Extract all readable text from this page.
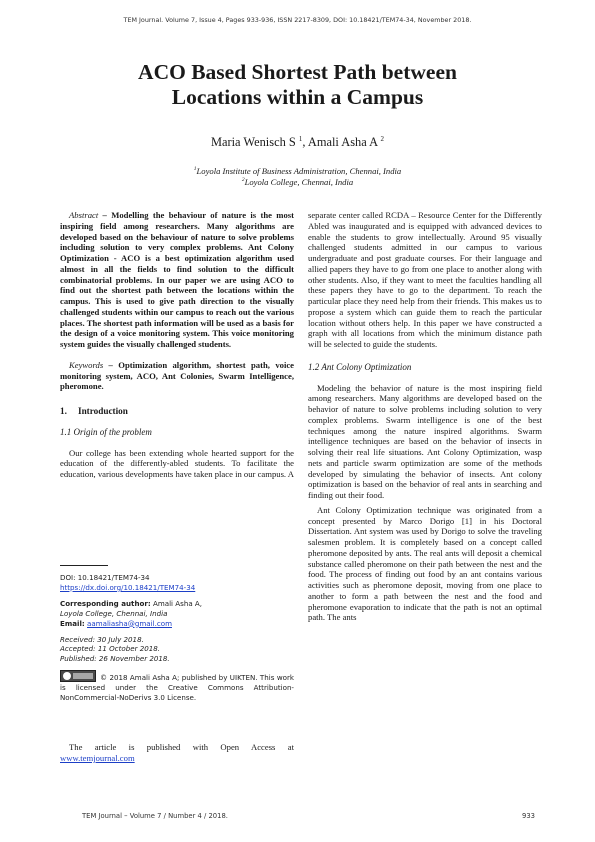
TEM Journal. Volume 7, Issue 4, Pages 933-936, ISSN 2217-8309, DOI: 10.18421/TEM74-34, November 2018.
ACO Based Shortest Path between
Locations within a Campus
Maria Wenisch S $^1$, Amali Asha A $^2$
$^1$Loyola Institute of Business Administration, Chennai, India
$^2$Loyola College, Chennai, India

Abstract – Modelling the behaviour of nature is the most inspiring field among researchers. Many algorithms are developed based on the behaviour of nature to solve problems including solution to very complex problems. Ant Colony Optimization - ACO is a best optimization algorithm used almost in all the fields to find solution to the difficult combinatorial problems. In our paper we are using ACO to find out the shortest path between the locations within the campus. This is used to give path direction to the visually challenged students within our campus to reach out the various places. The shortest path information will be used as a basis for the design of a voice monitoring system. This voice monitoring system guides the visually challenged students.

Keywords – Optimization algorithm, shortest path, voice monitoring system, ACO, Ant Colonies, Swarm Intelligence, pheromone.

1. Introduction
1.1 Origin of the problem

Our college has been extending whole hearted support for the education of the differently-abled students. To facilitate the education, various developments have taken place in our campus. A

DOI: 10.18421/TEM74-34
https://dx.doi.org/10.18421/TEM74-34
Corresponding author: Amali Asha A,
Loyola College, Chennai, India
Email: aamaliasha@gmail.com
Received: 30 July 2018.
Accepted: 11 October 2018.
Published: 26 November 2018.
© 2018 Amali Asha A; published by UIKTEN. This work is licensed under the Creative Commons Attribution-NonCommercial-NoDerivs 3.0 License.

The article is published with Open Access at www.temjournal.com

separate center called RCDA – Resource Center for the Differently Abled was inaugurated and is equipped with advanced devices to enable the students to grow intellectually. Around 95 visually challenged students admitted in our campus to various undergraduate and post graduate courses. For their language and allied papers they have to go from one place to another along with other students. Also, if they want to meet the faculties handling all these papers they have to go to the department. To reach the particular place they need help from their friends. This makes us to propose a system which can guide them to reach the particular location without others help. In this paper we have constructed a graph with all locations from which the minimum distance path will be selected to guide the students.

1.2 Ant Colony Optimization

Modeling the behavior of nature is the most inspiring field among researchers. Many algorithms are developed based on the behavior of nature to solve problems including solution to very complex problems. Swarm intelligence is one of the best techniques among the nature inspired algorithms. Swarm intelligence techniques are based on the behavior of insects in solving their real life situations. Ant Colony Optimization, wasp nets and particle swarm optimization are some of the methods developed by simulating the behavior of insects. Ant colony optimization is based on the behavior of real ants in searching and finding out their food.

Ant Colony Optimization technique was originated from a concept presented by Marco Dorigo [1] in his Doctoral Dissertation. Ant system was used by Dorigo to solve the traveling salesmen problem. It is completely based on a concept called pheromone deposited by ants. The real ants will deposit a chemical substance called pheromone on their path between the nest and the food. The process of finding out food by an ant contains various activities such as pheromone deposit, moving from one place to another to form a path between the nest and the food and pheromone evaporation to indicate that the path is not an optimal path. The ants

TEM Journal – Volume 7 / Number 4 / 2018.	933
